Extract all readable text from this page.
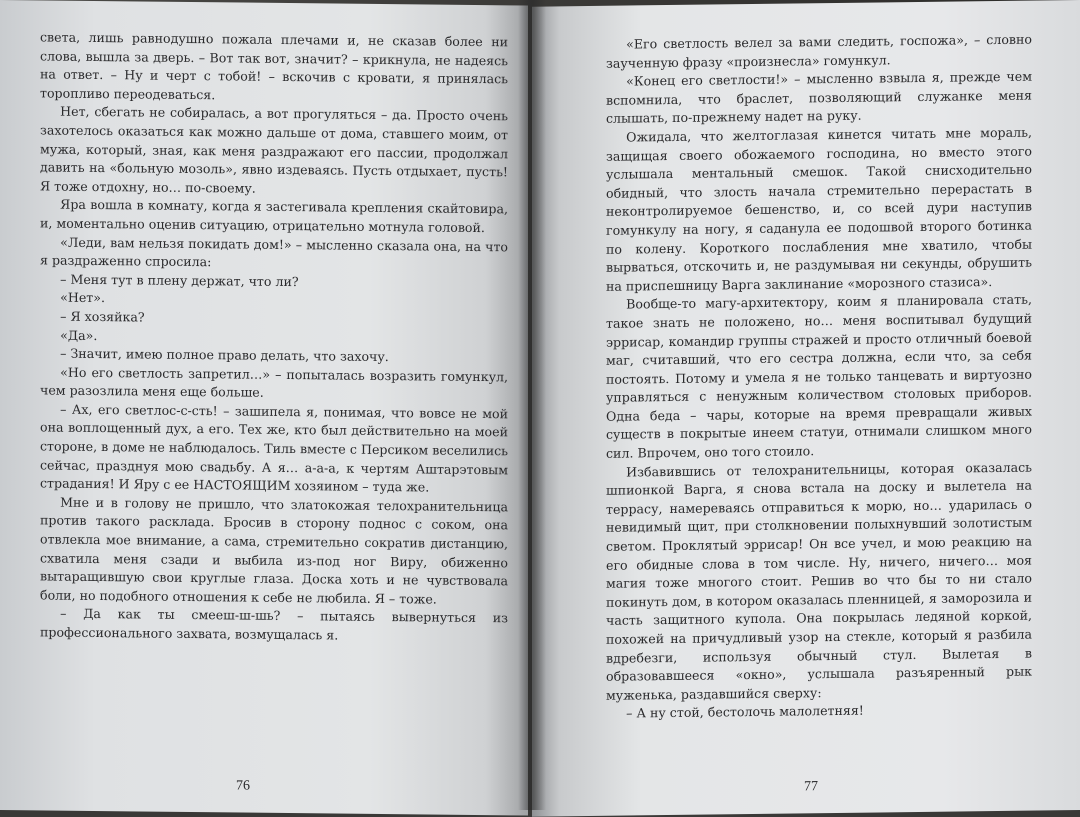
света, лишь равнодушно пожала плечами и, не сказав более ни слова, вышла за дверь. – Вот так вот, значит? – крикнула, не надеясь на ответ. – Ну и черт с тобой! – вскочив с кровати, я принялась торопливо переодеваться.

Нет, сбегать не собиралась, а вот прогуляться – да. Просто очень захотелось оказаться как можно дальше от дома, ставшего моим, от мужа, который, зная, как меня раздражают его пассии, продолжал давить на «больную мозоль», явно издеваясь. Пусть отдыхает, пусть! Я тоже отдохну, но… по-своему.

Яра вошла в комнату, когда я застегивала крепления скайтовира, и, моментально оценив ситуацию, отрицательно мотнула головой.

«Леди, вам нельзя покидать дом!» – мысленно сказала она, на что я раздраженно спросила:

– Меня тут в плену держат, что ли?

«Нет».

– Я хозяйка?

«Да».

– Значит, имею полное право делать, что захочу.

«Но его светлость запретил…» – попыталась возразить гомункул, чем разозлила меня еще больше.

– Ах, его светлос-с-сть! – зашипела я, понимая, что вовсе не мой она воплощенный дух, а его. Тех же, кто был действительно на моей стороне, в доме не наблюдалось. Тиль вместе с Персиком веселились сейчас, празднуя мою свадьбу. А я… а-а-а, к чертям Аштарэтовым страдания! И Яру с ее НАСТОЯЩИМ хозяином – туда же.

Мне и в голову не пришло, что златокожая телохранительница против такого расклада. Бросив в сторону поднос с соком, она отвлекла мое внимание, а сама, стремительно сократив дистанцию, схватила меня сзади и выбила из-под ног Виру, обиженно вытаращившую свои круглые глаза. Доска хоть и не чувствовала боли, но подобного отношения к себе не любила. Я – тоже.

– Да как ты смееш-ш-шь? – пытаясь вывернуться из профессионального захвата, возмущалась я.

76

«Его светлость велел за вами следить, госпожа», – словно заученную фразу «произнесла» гомункул.

«Конец его светлости!» – мысленно взвыла я, прежде чем вспомнила, что браслет, позволяющий служанке меня слышать, по-прежнему надет на руку.

Ожидала, что желтоглазая кинется читать мне мораль, защищая своего обожаемого господина, но вместо этого услышала ментальный смешок. Такой снисходительно обидный, что злость начала стремительно перерастать в неконтролируемое бешенство, и, со всей дури наступив гомункулу на ногу, я саданула ее подошвой второго ботинка по колену. Короткого послабления мне хватило, чтобы вырваться, отскочить и, не раздумывая ни секунды, обрушить на приспешницу Варга заклинание «морозного стазиса».

Вообще-то магу-архитектору, коим я планировала стать, такое знать не положено, но… меня воспитывал будущий эррисар, командир группы стражей и просто отличный боевой маг, считавший, что его сестра должна, если что, за себя постоять. Потому и умела я не только танцевать и виртуозно управляться с ненужным количеством столовых приборов. Одна беда – чары, которые на время превращали живых существ в покрытые инеем статуи, отнимали слишком много сил. Впрочем, оно того стоило.

Избавившись от телохранительницы, которая оказалась шпионкой Варга, я снова встала на доску и вылетела на террасу, намереваясь отправиться к морю, но… ударилась о невидимый щит, при столкновении полыхнувший золотистым светом. Проклятый эррисар! Он все учел, и мою реакцию на его обидные слова в том числе. Ну, ничего, ничего… моя магия тоже многого стоит. Решив во что бы то ни стало покинуть дом, в котором оказалась пленницей, я заморозила и часть защитного купола. Она покрылась ледяной коркой, похожей на причудливый узор на стекле, который я разбила вдребезги, используя обычный стул. Вылетая в образовавшееся «окно», услышала разъяренный рык муженька, раздавшийся сверху:

– А ну стой, бестолочь малолетняя!

77
